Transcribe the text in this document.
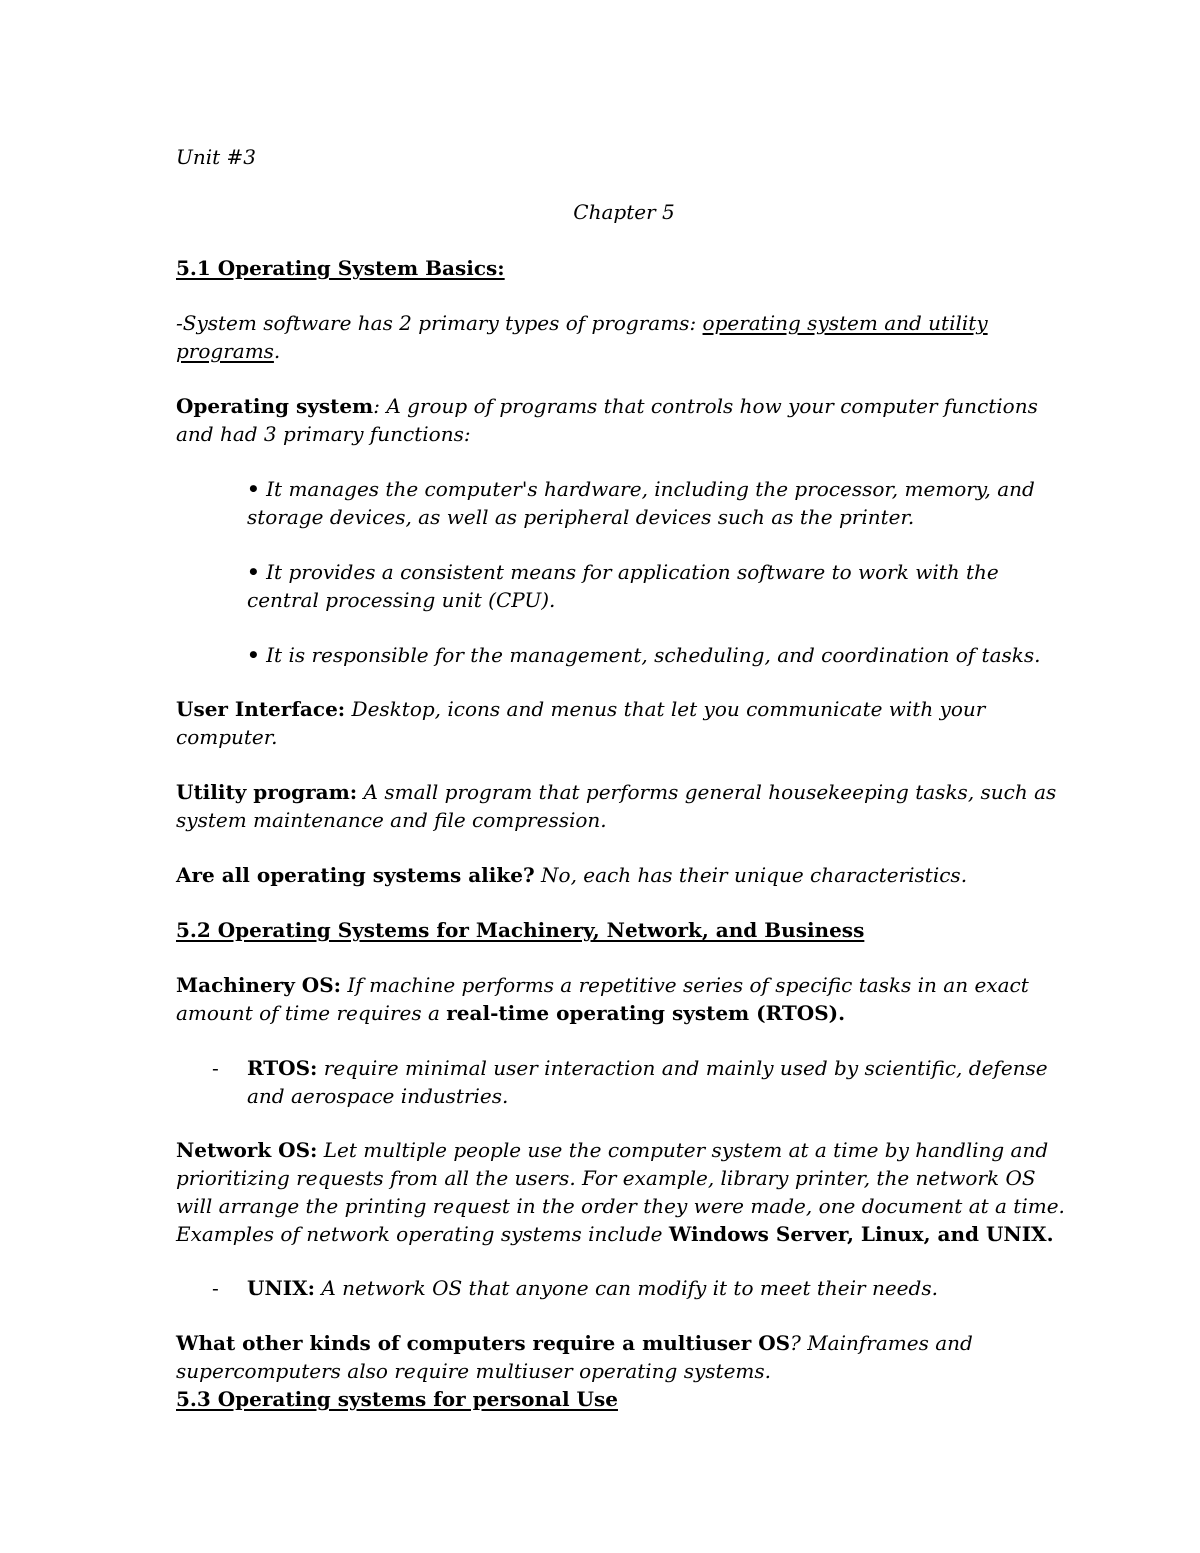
Unit #3
Chapter 5
5.1 Operating System Basics:
-System software has 2 primary types of programs: operating system and utility
programs.
Operating system: A group of programs that controls how your computer functions
and had 3 primary functions:
• It manages the computer's hardware, including the processor, memory, and
storage devices, as well as peripheral devices such as the printer.
• It provides a consistent means for application software to work with the
central processing unit (CPU).
• It is responsible for the management, scheduling, and coordination of tasks.
User Interface: Desktop, icons and menus that let you communicate with your
computer.
Utility program: A small program that performs general housekeeping tasks, such as
system maintenance and file compression.
Are all operating systems alike? No, each has their unique characteristics.
5.2 Operating Systems for Machinery, Network, and Business
Machinery OS: If machine performs a repetitive series of specific tasks in an exact
amount of time requires a real-time operating system (RTOS).
- RTOS: require minimal user interaction and mainly used by scientific, defense
and aerospace industries.
Network OS: Let multiple people use the computer system at a time by handling and
prioritizing requests from all the users. For example, library printer, the network OS
will arrange the printing request in the order they were made, one document at a time.
Examples of network operating systems include Windows Server, Linux, and UNIX.
- UNIX: A network OS that anyone can modify it to meet their needs.
What other kinds of computers require a multiuser OS? Mainframes and
supercomputers also require multiuser operating systems.
5.3 Operating systems for personal Use
